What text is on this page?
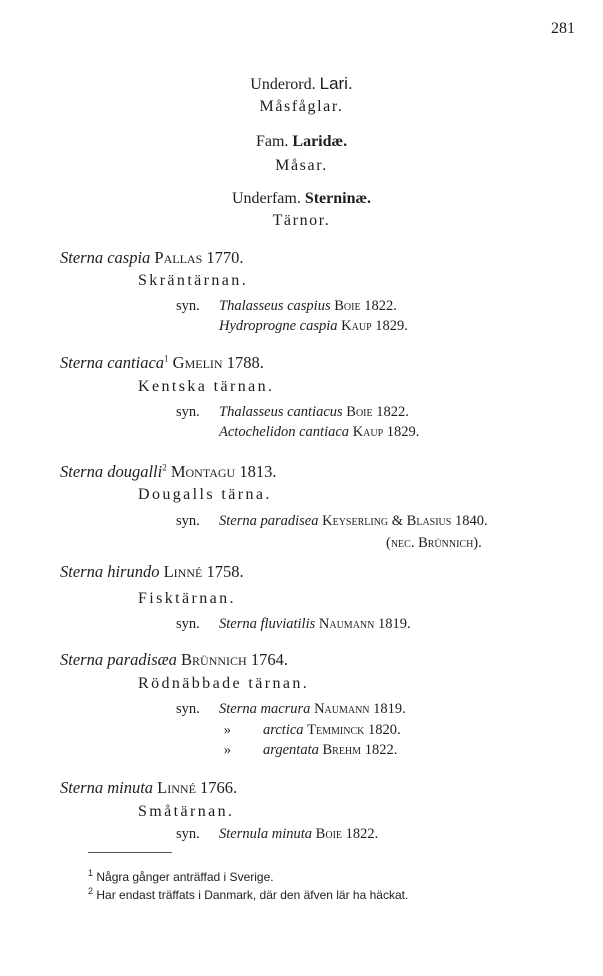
281
Underord. Lari.
Måsfåglar.
Fam. Laridæ.
Måsar.
Underfam. Sterninæ.
Tärnor.
Sterna caspia Pallas 1770.
Skräntärnan.
syn. Thalasseus caspius Boie 1822.
Hydroprogne caspia Kaup 1829.
Sterna cantiaca$^1$ Gmelin 1788.
Kentska tärnan.
syn. Thalasseus cantiacus Boie 1822.
Actochelidon cantiaca Kaup 1829.
Sterna dougalli$^2$ Montagu 1813.
Dougalls tärna.
syn. Sterna paradisea Keyserling & Blasius 1840.
(nec. Brünnich).
Sterna hirundo Linné 1758.
Fisktärnan.
syn. Sterna fluviatilis Naumann 1819.
Sterna paradisæa Brünnich 1764.
Rödnäbbade tärnan.
syn. Sterna macrura Naumann 1819.
» arctica Temminck 1820.
» argentata Brehm 1822.
Sterna minuta Linné 1766.
Småtärnan.
syn. Sternula minuta Boie 1822.
$^1$ Några gånger anträffad i Sverige.
$^2$ Har endast träffats i Danmark, där den äfven lär ha häckat.
